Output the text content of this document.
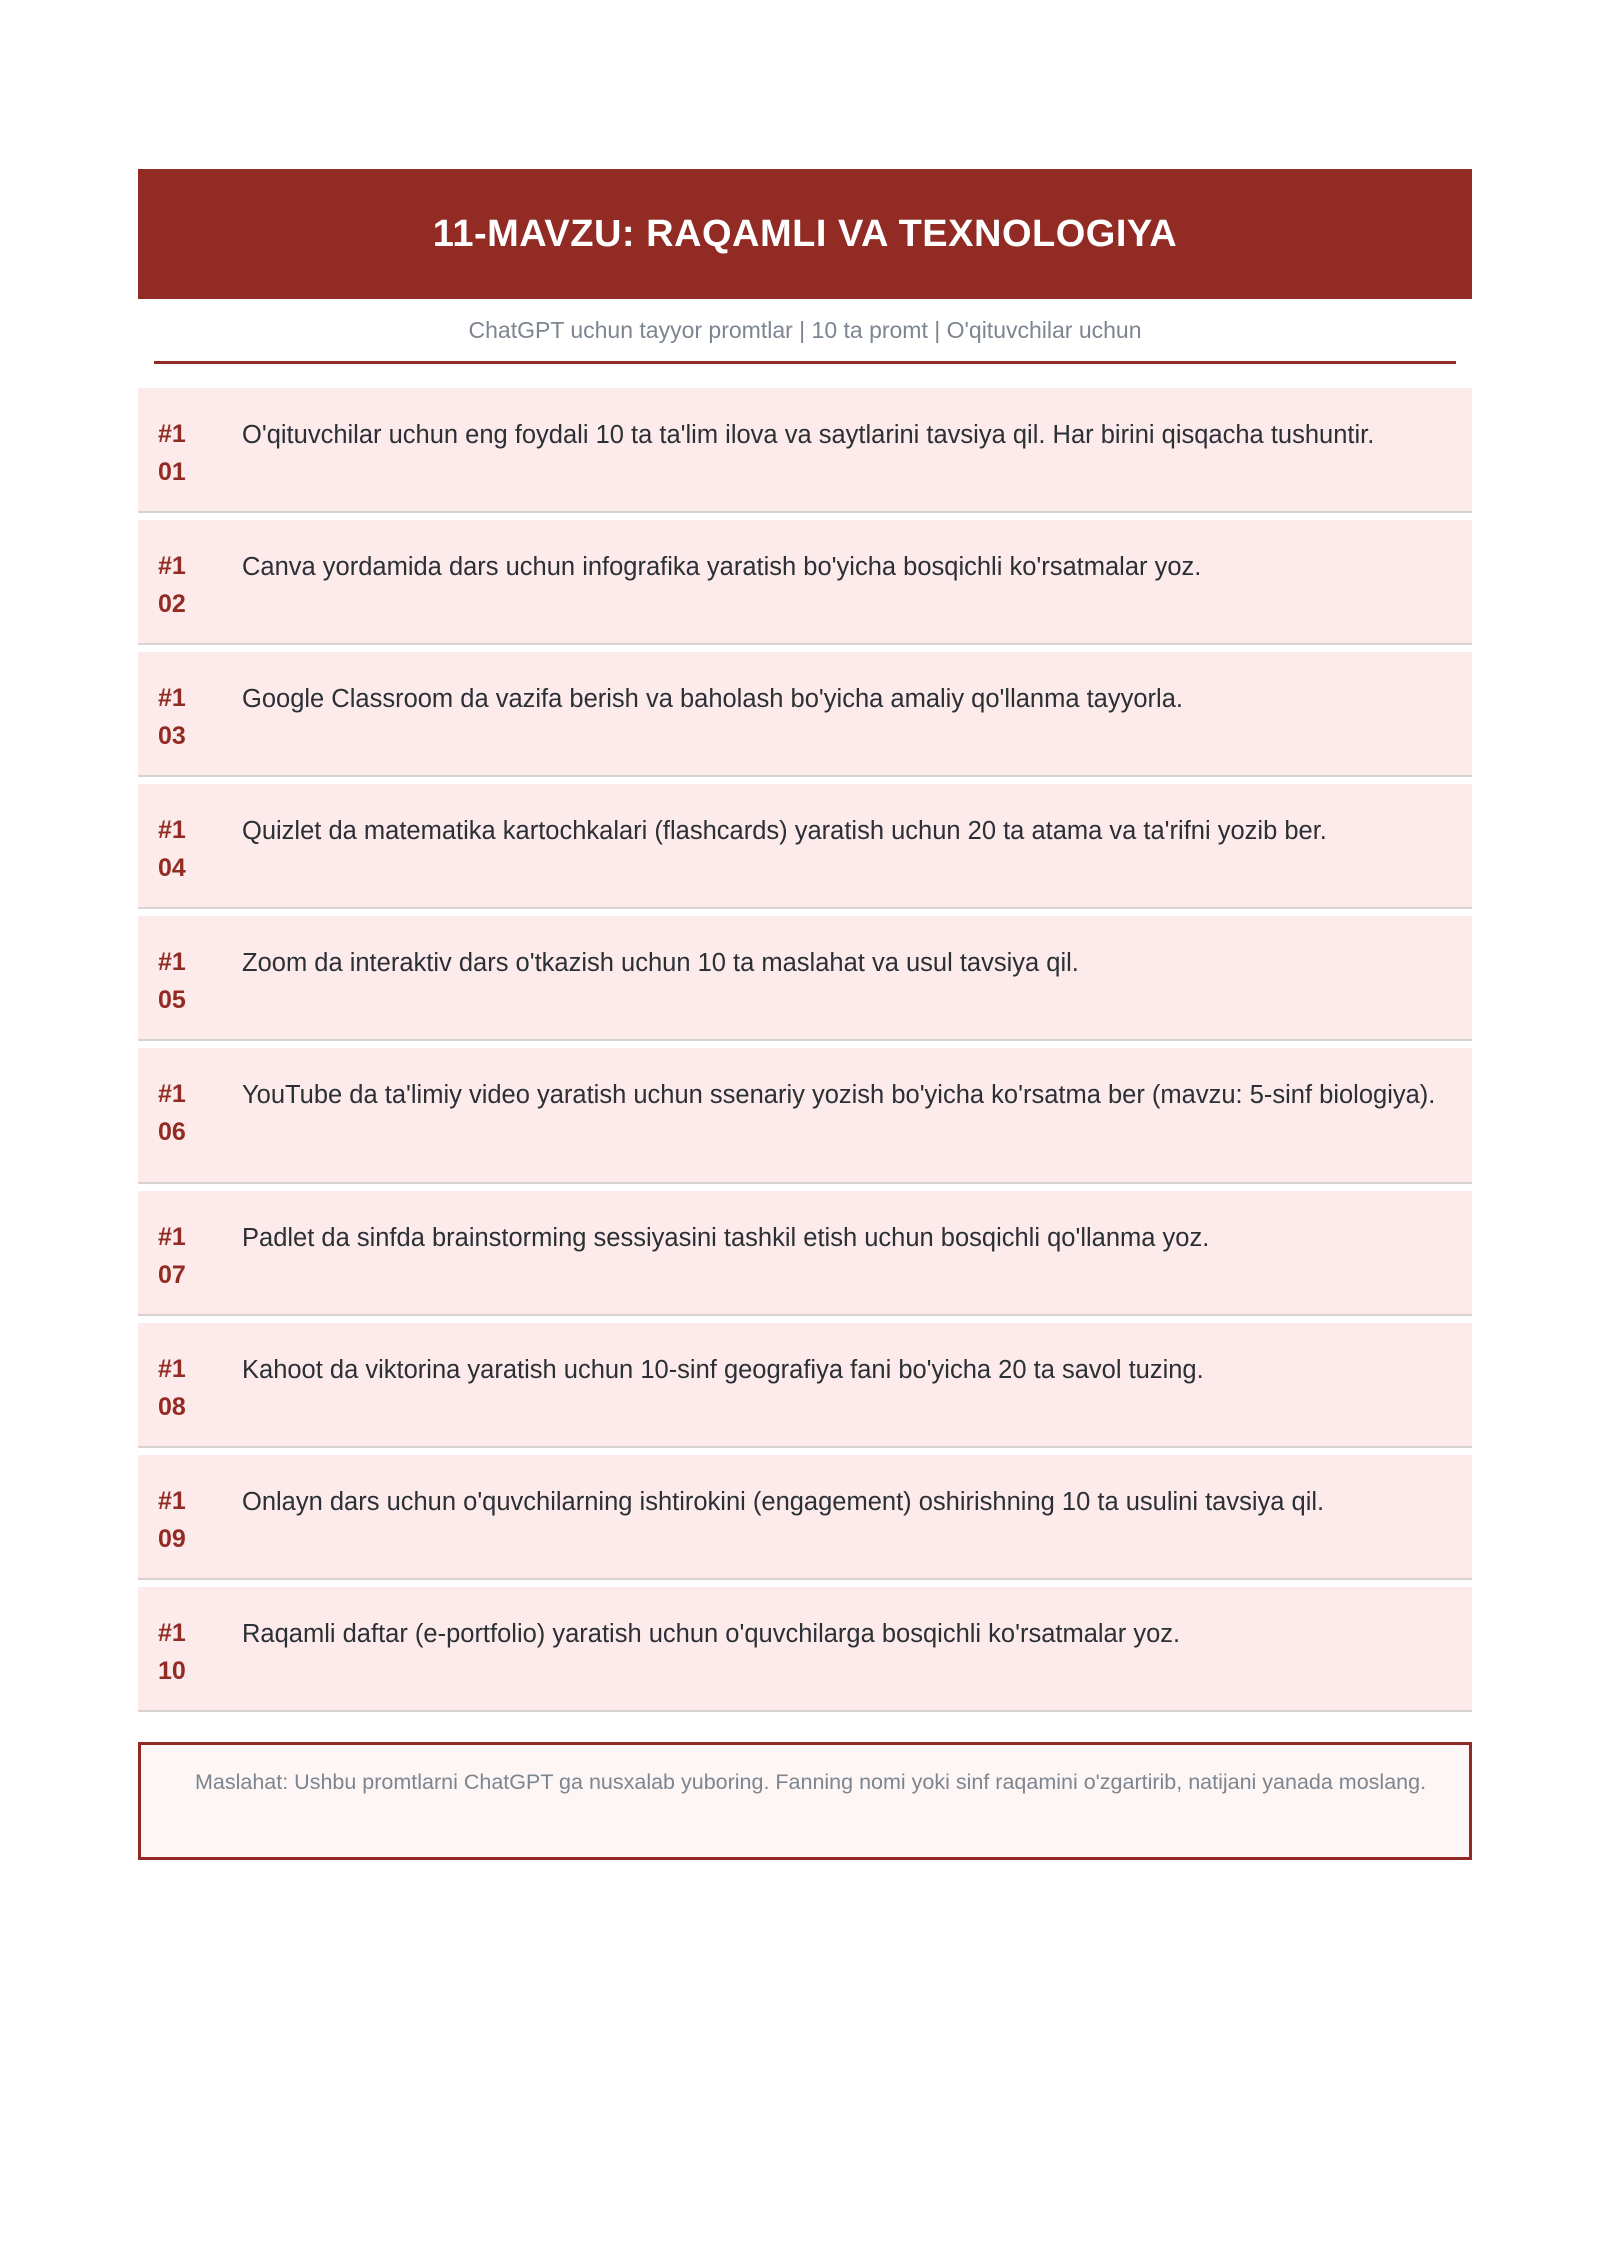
11-MAVZU: RAQAMLI VA TEXNOLOGIYA
ChatGPT uchun tayyor promtlar | 10 ta promt | O'qituvchilar uchun
#1
01
O'qituvchilar uchun eng foydali 10 ta ta'lim ilova va saytlarini tavsiya qil. Har birini qisqacha tushuntir.
#1
02
Canva yordamida dars uchun infografika yaratish bo'yicha bosqichli ko'rsatmalar yoz.
#1
03
Google Classroom da vazifa berish va baholash bo'yicha amaliy qo'llanma tayyorla.
#1
04
Quizlet da matematika kartochkalari (flashcards) yaratish uchun 20 ta atama va ta'rifni yozib ber.
#1
05
Zoom da interaktiv dars o'tkazish uchun 10 ta maslahat va usul tavsiya qil.
#1
06
YouTube da ta'limiy video yaratish uchun ssenariy yozish bo'yicha ko'rsatma ber (mavzu: 5-sinf biologiya).
#1
07
Padlet da sinfda brainstorming sessiyasini tashkil etish uchun bosqichli qo'llanma yoz.
#1
08
Kahoot da viktorina yaratish uchun 10-sinf geografiya fani bo'yicha 20 ta savol tuzing.
#1
09
Onlayn dars uchun o'quvchilarning ishtirokini (engagement) oshirishning 10 ta usulini tavsiya qil.
#1
10
Raqamli daftar (e-portfolio) yaratish uchun o'quvchilarga bosqichli ko'rsatmalar yoz.
Maslahat: Ushbu promtlarni ChatGPT ga nusxalab yuboring. Fanning nomi yoki sinf raqamini o'zgartirib, natijani yanada moslang.
